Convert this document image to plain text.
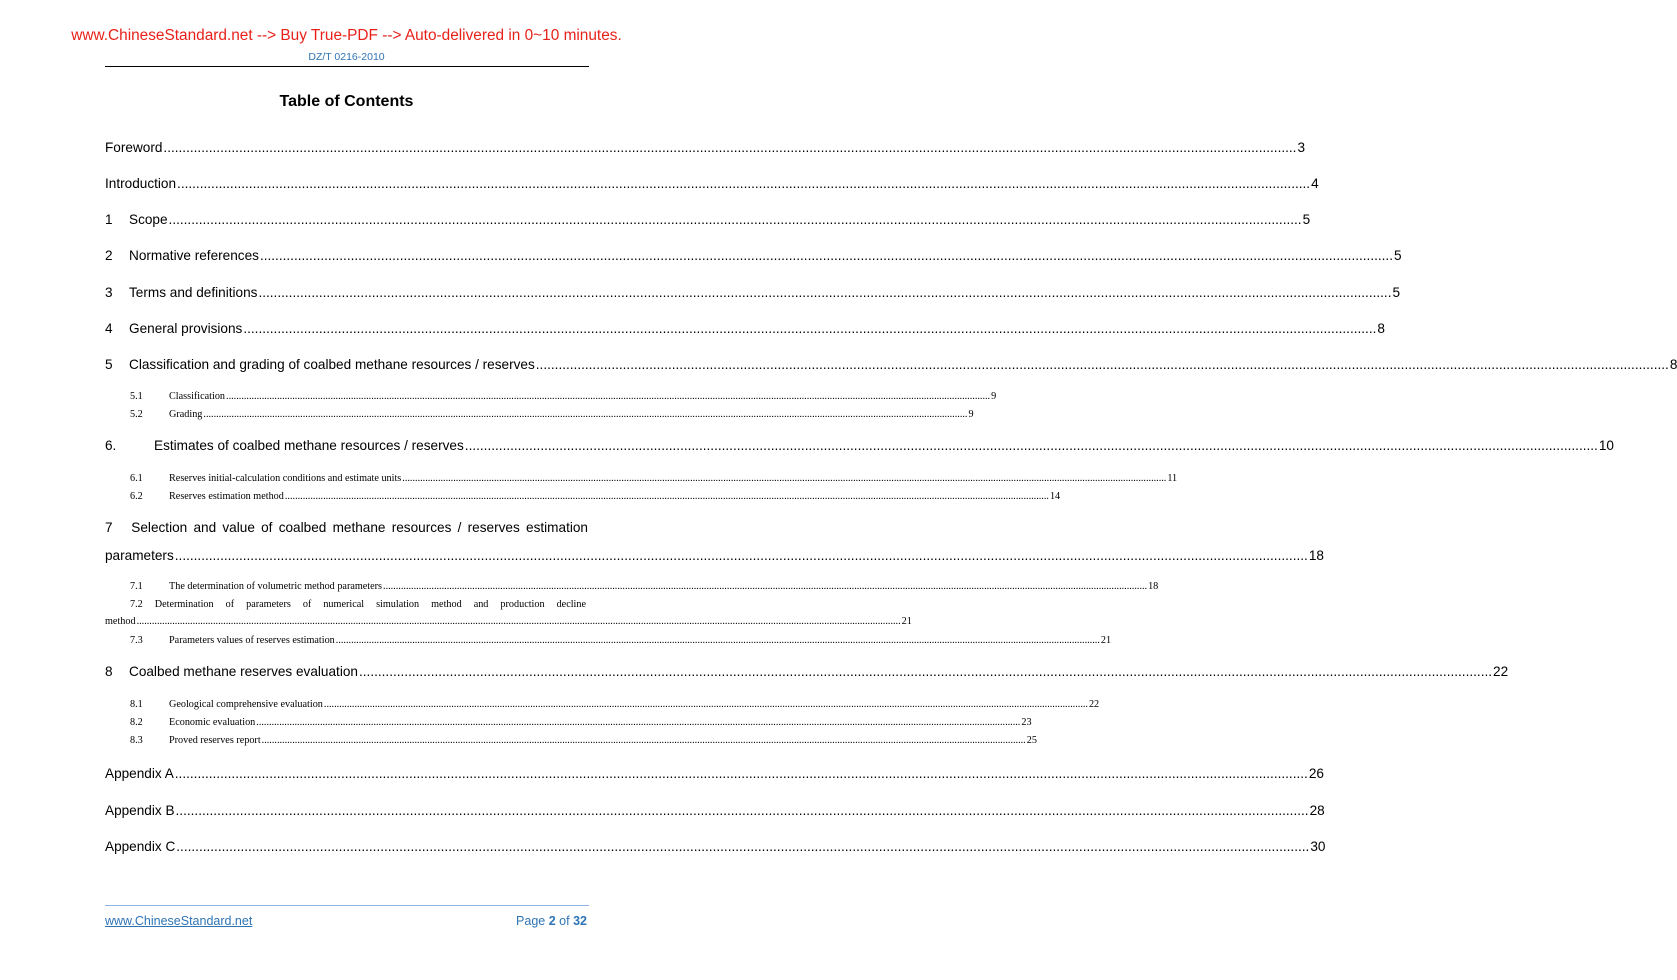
www.ChineseStandard.net --> Buy True-PDF --> Auto-delivered in 0~10 minutes.
DZ/T 0216-2010
Table of Contents
Foreword ............................................................................................................................................................................................................................................................................................................ 3
Introduction ............................................................................................................................................................................................................................................................................................................ 4
1	Scope ............................................................................................................................................................................................................................................................................................................ 5
2	Normative references ............................................................................................................................................................................................................................................................................................................ 5
3	Terms and definitions ............................................................................................................................................................................................................................................................................................................ 5
4	General provisions ............................................................................................................................................................................................................................................................................................................ 8
5	Classification and grading of coalbed methane resources / reserves ............................................................................................................................................................................................................................................................................................................ 8
5.1	Classification ............................................................................................................................................................................................................................................................................................................ 9
5.2	Grading ............................................................................................................................................................................................................................................................................................................ 9
6.	Estimates of coalbed methane resources / reserves ............................................................................................................................................................................................................................................................................................................ 10
6.1	Reserves initial-calculation conditions and estimate units ............................................................................................................................................................................................................................................................................................................ 11
6.2	Reserves estimation method ............................................................................................................................................................................................................................................................................................................ 14
7 Selection and value of coalbed methane resources / reserves estimation
parameters ............................................................................................................................................................................................................................................................................................................ 18
7.1	The determination of volumetric method parameters ............................................................................................................................................................................................................................................................................................................ 18
7.2 Determination of parameters of numerical simulation method and production decline
method ............................................................................................................................................................................................................................................................................................................ 21
7.3	Parameters values of reserves estimation ............................................................................................................................................................................................................................................................................................................ 21
8	Coalbed methane reserves evaluation ............................................................................................................................................................................................................................................................................................................ 22
8.1	Geological comprehensive evaluation ............................................................................................................................................................................................................................................................................................................ 22
8.2	Economic evaluation ............................................................................................................................................................................................................................................................................................................ 23
8.3	Proved reserves report ............................................................................................................................................................................................................................................................................................................ 25
Appendix A ............................................................................................................................................................................................................................................................................................................ 26
Appendix B ............................................................................................................................................................................................................................................................................................................ 28
Appendix C ............................................................................................................................................................................................................................................................................................................ 30
www.ChineseStandard.net	Page 2 of 32
